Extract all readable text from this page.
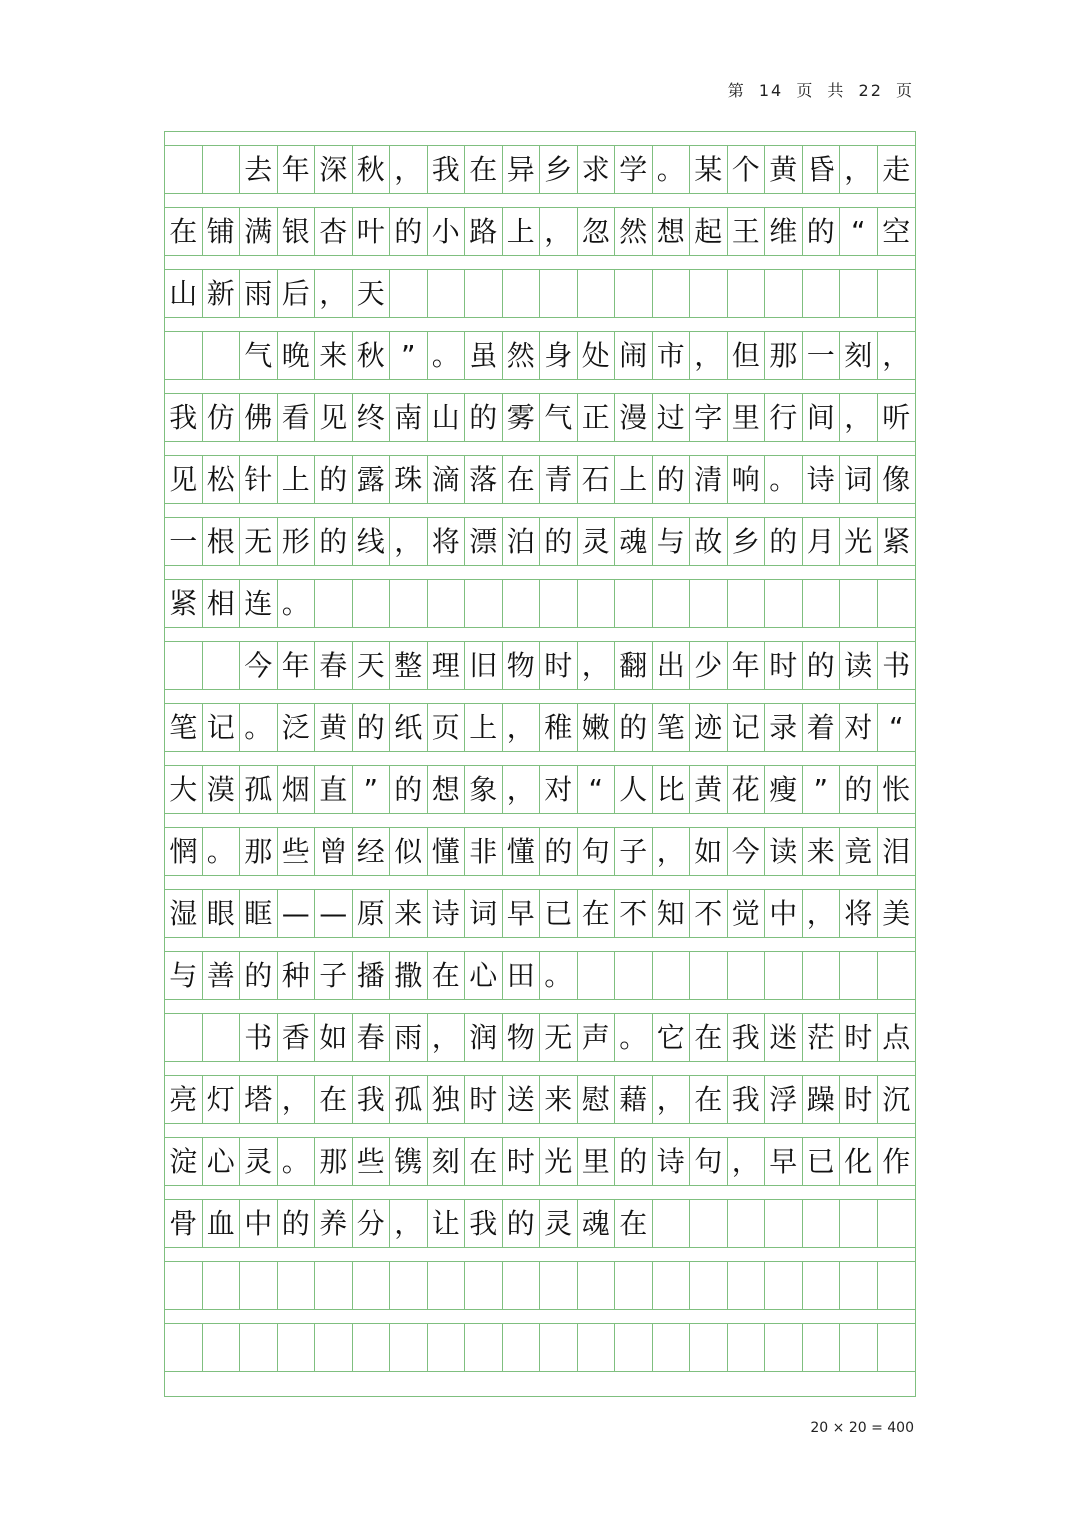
第 14 页 共 22 页
去 年 深 秋 ， 我 在 异 乡 求 学 。 某 个 黄 昏 ， 走
在 铺 满 银 杏 叶 的 小 路 上 ， 忽 然 想 起 王 维 的 “ 空
山 新 雨 后 ， 天
气 晚 来 秋 ” 。 虽 然 身 处 闹 市 ， 但 那 一 刻 ，
我 仿 佛 看 见 终 南 山 的 雾 气 正 漫 过 字 里 行 间 ， 听
见 松 针 上 的 露 珠 滴 落 在 青 石 上 的 清 响 。 诗 词 像
一 根 无 形 的 线 ， 将 漂 泊 的 灵 魂 与 故 乡 的 月 光 紧
紧 相 连 。
今 年 春 天 整 理 旧 物 时 ， 翻 出 少 年 时 的 读 书
笔 记 。 泛 黄 的 纸 页 上 ， 稚 嫩 的 笔 迹 记 录 着 对 “
大 漠 孤 烟 直 ” 的 想 象 ， 对 “ 人 比 黄 花 瘦 ” 的 怅
惘 。 那 些 曾 经 似 懂 非 懂 的 句 子 ， 如 今 读 来 竟 泪
湿 眼 眶 — — 原 来 诗 词 早 已 在 不 知 不 觉 中 ， 将 美
与 善 的 种 子 播 撒 在 心 田 。
书 香 如 春 雨 ， 润 物 无 声 。 它 在 我 迷 茫 时 点
亮 灯 塔 ， 在 我 孤 独 时 送 来 慰 藉 ， 在 我 浮 躁 时 沉
淀 心 灵 。 那 些 镌 刻 在 时 光 里 的 诗 句 ， 早 已 化 作
骨 血 中 的 养 分 ， 让 我 的 灵 魂 在
20 × 20 = 400
